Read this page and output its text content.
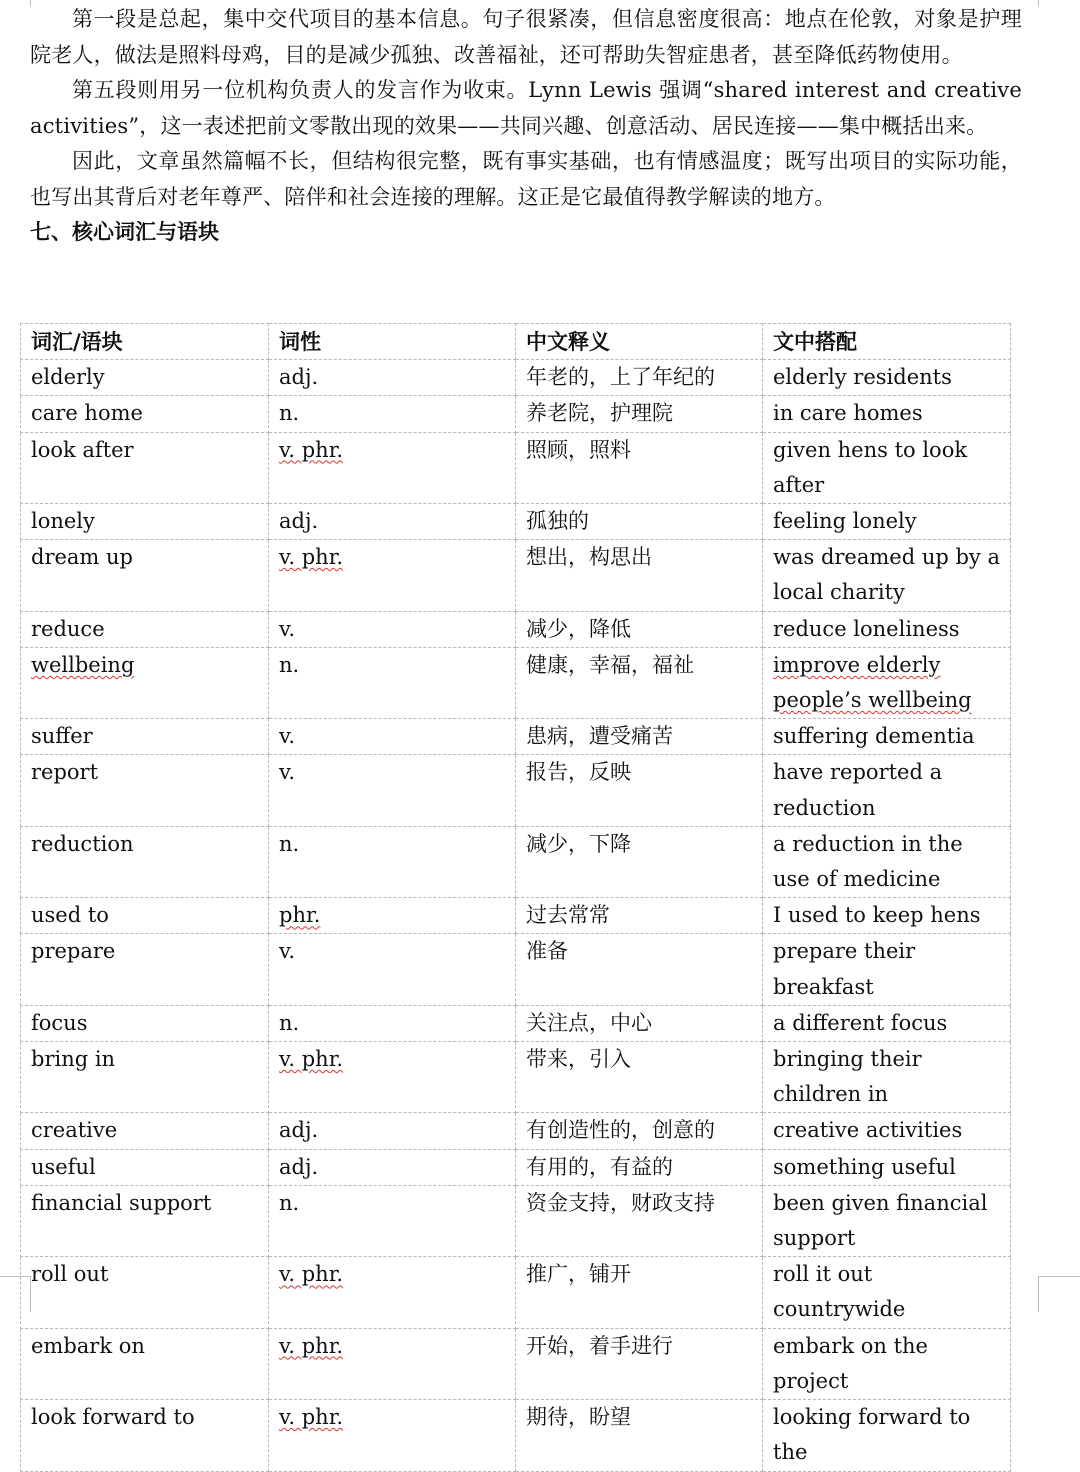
第一段是总起，集中交代项目的基本信息。句子很紧凑，但信息密度很高：地点在伦敦，对象是护理院老人，做法是照料母鸡，目的是减少孤独、改善福祉，还可帮助失智症患者，甚至降低药物使用。

第五段则用另一位机构负责人的发言作为收束。Lynn Lewis 强调“shared interest and creative activities”，这一表述把前文零散出现的效果——共同兴趣、创意活动、居民连接——集中概括出来。

因此，文章虽然篇幅不长，但结构很完整，既有事实基础，也有情感温度；既写出项目的实际功能，也写出其背后对老年尊严、陪伴和社会连接的理解。这正是它最值得教学解读的地方。

七、核心词汇与语块
词汇/语块	词性	中文释义	文中搭配
elderly	adj.	年老的，上了年纪的	elderly residents
care home	n.	养老院，护理院	in care homes
look after	v. phr.	照顾，照料	given hens to look after
lonely	adj.	孤独的	feeling lonely
dream up	v. phr.	想出，构思出	was dreamed up by a local charity
reduce	v.	减少，降低	reduce loneliness
wellbeing	n.	健康，幸福，福祉	improve elderly people’s wellbeing
suffer	v.	患病，遭受痛苦	suffering dementia
report	v.	报告，反映	have reported a reduction
reduction	n.	减少，下降	a reduction in the use of medicine
used to	phr.	过去常常	I used to keep hens
prepare	v.	准备	prepare their breakfast
focus	n.	关注点，中心	a different focus
bring in	v. phr.	带来，引入	bringing their children in
creative	adj.	有创造性的，创意的	creative activities
useful	adj.	有用的，有益的	something useful
financial support	n.	资金支持，财政支持	been given financial support
roll out	v. phr.	推广，铺开	roll it out countrywide
embark on	v. phr.	开始，着手进行	embark on the project
look forward to	v. phr.	期待，盼望	looking forward to the
